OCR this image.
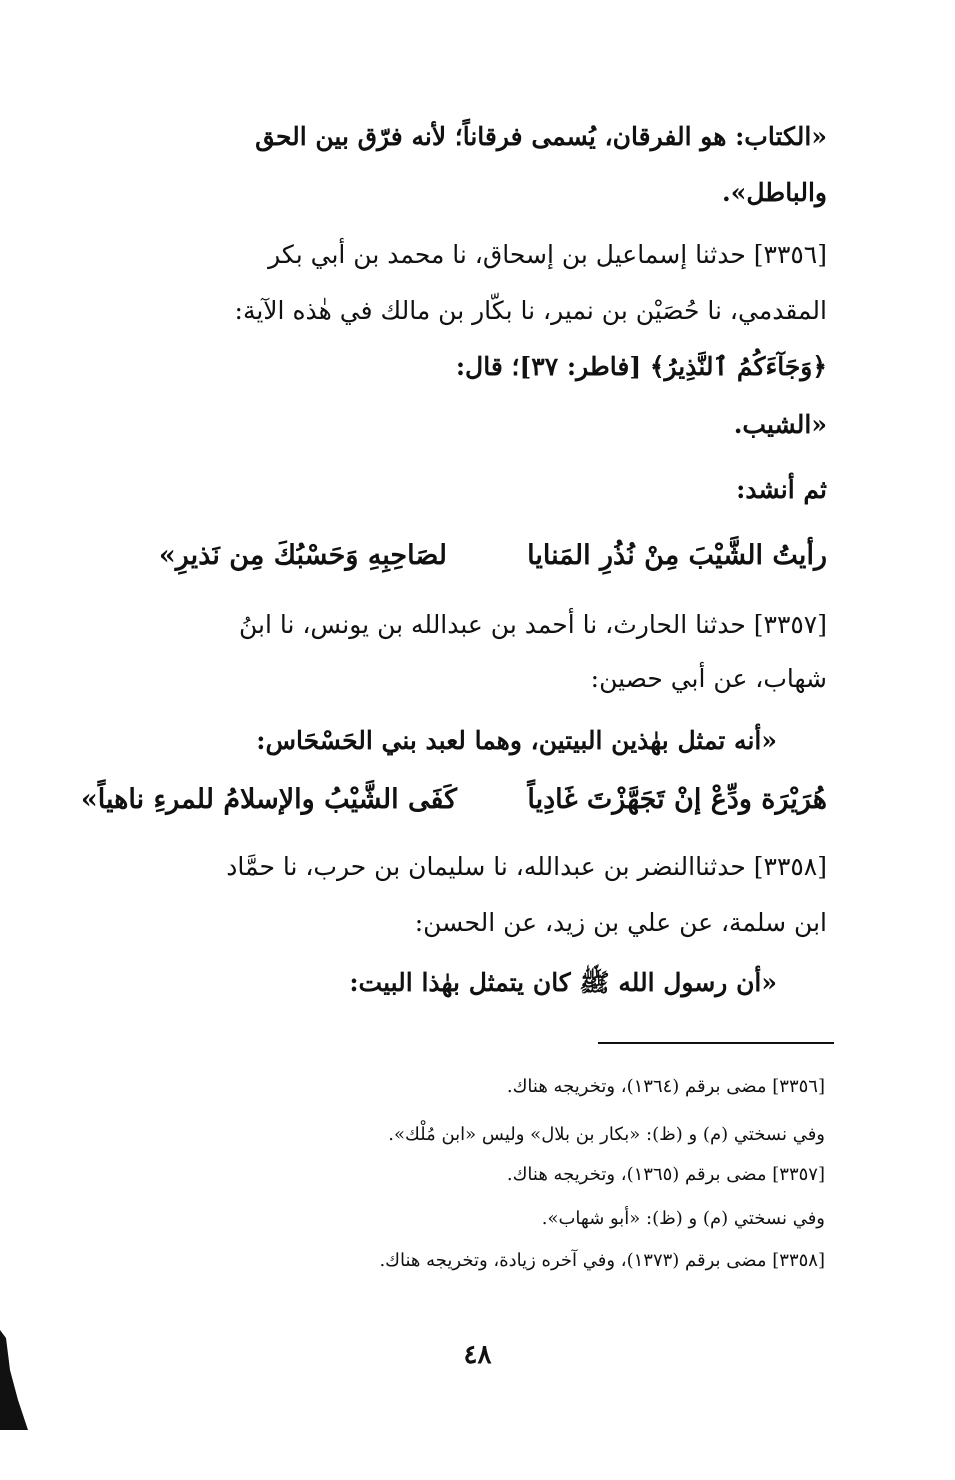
«الكتاب: هو الفرقان، يُسمى فرقاناً؛ لأنه فرّق بين الحق
والباطل».
[٣٣٥٦] حدثنا إسماعيل بن إسحاق، نا محمد بن أبي بكر
المقدمي، نا حُصَيْن بن نمير، نا بكّار بن مالك في هٰذه الآية:
﴿وَجَآءَكُمُ ٱلنَّذِيرُ﴾ [فاطر: ٣٧]؛ قال:
«الشيب.
ثم أنشد:
رأيتُ الشَّيْبَ مِنْ نُذُرِ المَنايا
لصَاحِبِهِ وَحَسْبُكَ مِن نَذيرِ»
[٣٣٥٧] حدثنا الحارث، نا أحمد بن عبدالله بن يونس، نا ابنُ
شهاب، عن أبي حصين:
«أنه تمثل بهٰذين البيتين، وهما لعبد بني الحَسْحَاس:
هُرَيْرَة ودِّعْ إنْ تَجَهَّزْتَ غَادِياً
كَفَى الشَّيْبُ والإسلامُ للمرءِ ناهياً»
[٣٣٥٨] حدثناالنضر بن عبدالله، نا سليمان بن حرب، نا حمَّاد
ابن سلمة، عن علي بن زيد، عن الحسن:
«أن رسول الله ﷺ كان يتمثل بهٰذا البيت:
[٣٣٥٦] مضى برقم (١٣٦٤)، وتخريجه هناك.
وفي نسختي (م) و (ظ): «بكار بن بلال» وليس «ابن مُلْك».
[٣٣٥٧] مضى برقم (١٣٦٥)، وتخريجه هناك.
وفي نسختي (م) و (ظ): «أبو شهاب».
[٣٣٥٨] مضى برقم (١٣٧٣)، وفي آخره زيادة، وتخريجه هناك.
٤٨
